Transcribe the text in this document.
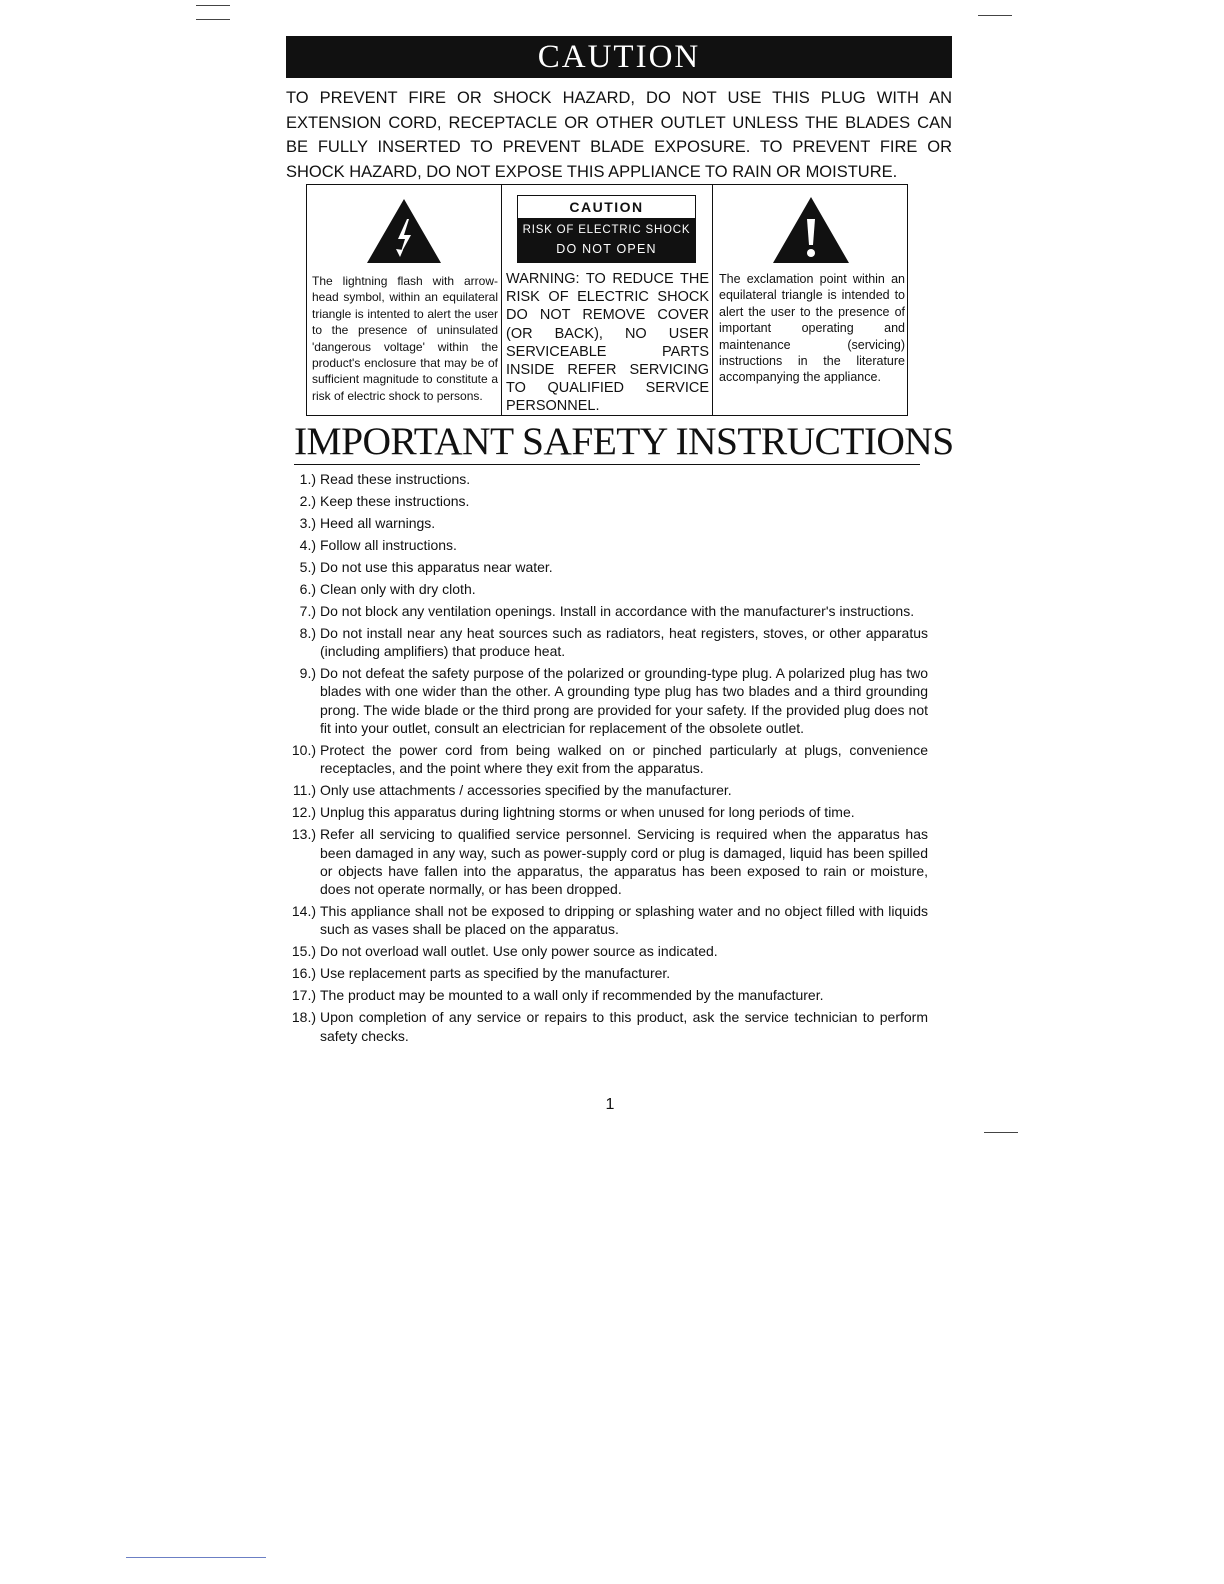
CAUTION
TO PREVENT FIRE OR SHOCK HAZARD, DO NOT USE THIS PLUG WITH AN EXTENSION CORD, RECEPTACLE OR OTHER OUTLET UNLESS THE BLADES CAN BE FULLY INSERTED TO PREVENT BLADE EXPOSURE. TO PREVENT FIRE OR SHOCK HAZARD, DO NOT EXPOSE THIS APPLIANCE TO RAIN OR MOISTURE.
The lightning flash with arrow-head symbol, within an equilateral triangle is intented to alert the user to the presence of uninsulated 'dangerous voltage' within the product's enclosure that may be of sufficient magnitude to constitute a risk of electric shock to persons.
CAUTION
RISK OF ELECTRIC SHOCK
DO NOT OPEN
WARNING: TO REDUCE THE RISK OF ELECTRIC SHOCK DO NOT REMOVE COVER (OR BACK), NO USER SERVICEABLE PARTS INSIDE REFER SERVICING TO QUALIFIED SERVICE PERSONNEL.
The exclamation point within an equilateral triangle is intended to alert the user to the presence of important operating and maintenance (servicing) instructions in the literature accompanying the appliance.
IMPORTANT SAFETY INSTRUCTIONS
1.) Read these instructions.
2.) Keep these instructions.
3.) Heed all warnings.
4.) Follow all instructions.
5.) Do not use this apparatus near water.
6.) Clean only with dry cloth.
7.) Do not block any ventilation openings. Install in accordance with the manufacturer's instructions.
8.) Do not install near any heat sources such as radiators, heat registers, stoves, or other apparatus (including amplifiers) that produce heat.
9.) Do not defeat the safety purpose of the polarized or grounding-type plug. A polarized plug has two blades with one wider than the other. A grounding type plug has two blades and a third grounding prong. The wide blade or the third prong are provided for your safety. If the provided plug does not fit into your outlet, consult an electrician for replacement of the obsolete outlet.
10.) Protect the power cord from being walked on or pinched particularly at plugs, convenience receptacles, and the point where they exit from the apparatus.
11.) Only use attachments / accessories specified by the manufacturer.
12.) Unplug this apparatus during lightning storms or when unused for long periods of time.
13.) Refer all servicing to qualified service personnel. Servicing is required when the apparatus has been damaged in any way, such as power-supply cord or plug is damaged, liquid has been spilled or objects have fallen into the apparatus, the apparatus has been exposed to rain or moisture, does not operate normally, or has been dropped.
14.) This appliance shall not be exposed to dripping or splashing water and no object filled with liquids such as vases shall be placed on the apparatus.
15.) Do not overload wall outlet. Use only power source as indicated.
16.) Use replacement parts as specified by the manufacturer.
17.) The product may be mounted to a wall only if recommended by the manufacturer.
18.) Upon completion of any service or repairs to this product, ask the service technician to perform safety checks.
1
